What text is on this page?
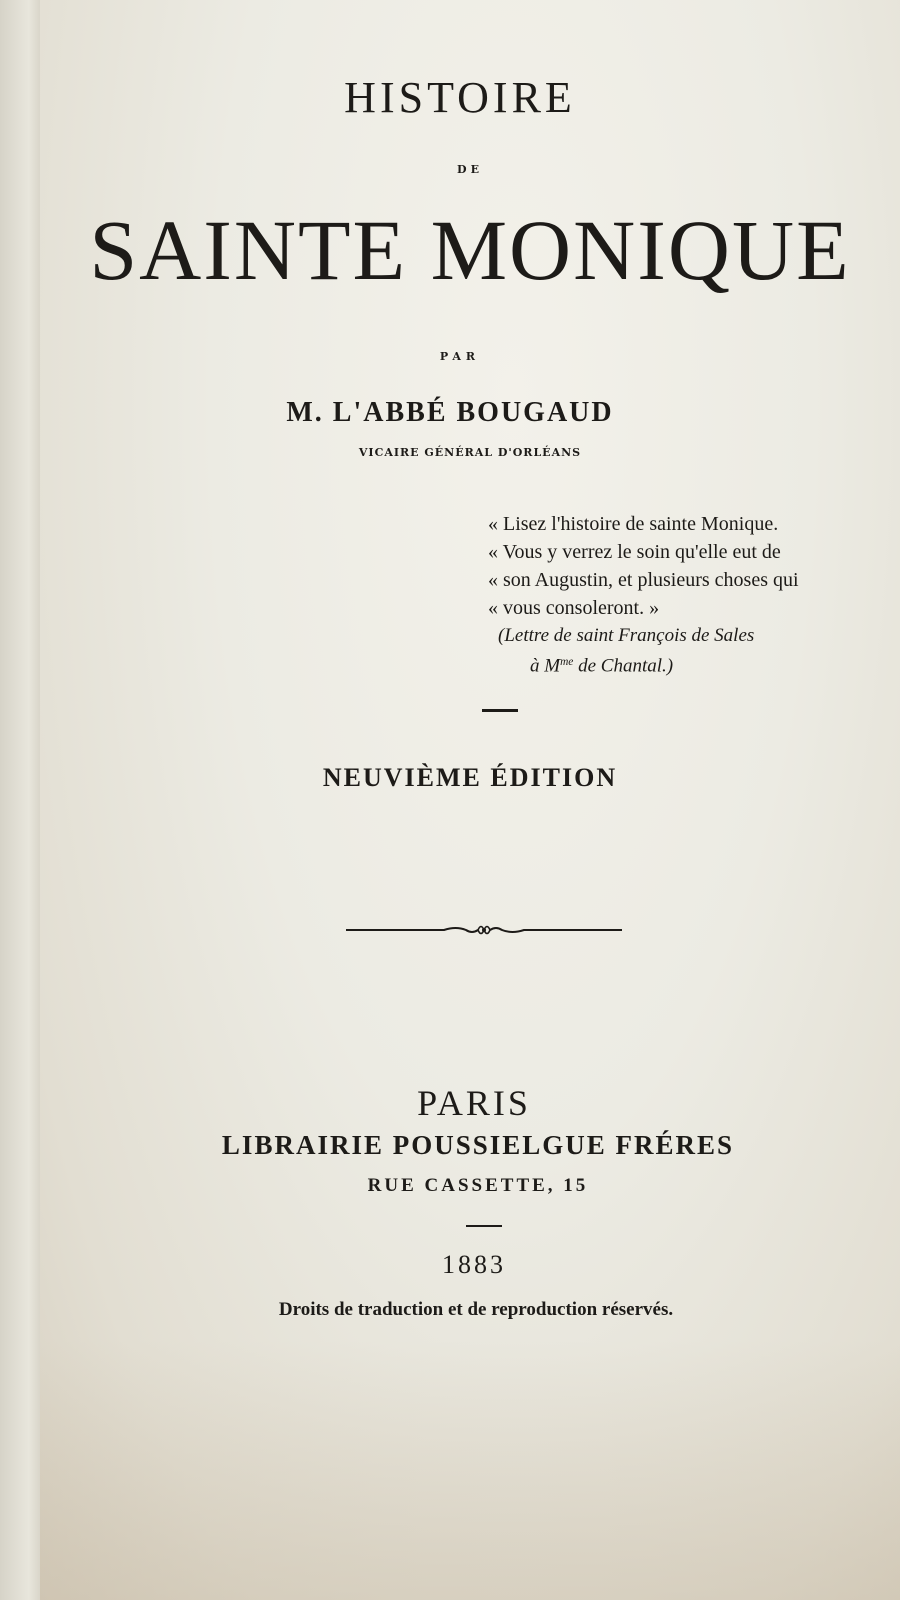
HISTOIRE
DE
SAINTE MONIQUE
PAR
M. L'ABBÉ BOUGAUD
VICAIRE GÉNÉRAL D'ORLÉANS
« Lisez l'histoire de sainte Monique.
« Vous y verrez le soin qu'elle eut de
« son Augustin, et plusieurs choses qui
« vous consoleront. »
(Lettre de saint François de Sales
à $M^{me}$ de Chantal.)
NEUVIÈME ÉDITION
PARIS
LIBRAIRIE POUSSIELGUE FRÉRES
RUE CASSETTE, 15
1883
Droits de traduction et de reproduction réservés.
